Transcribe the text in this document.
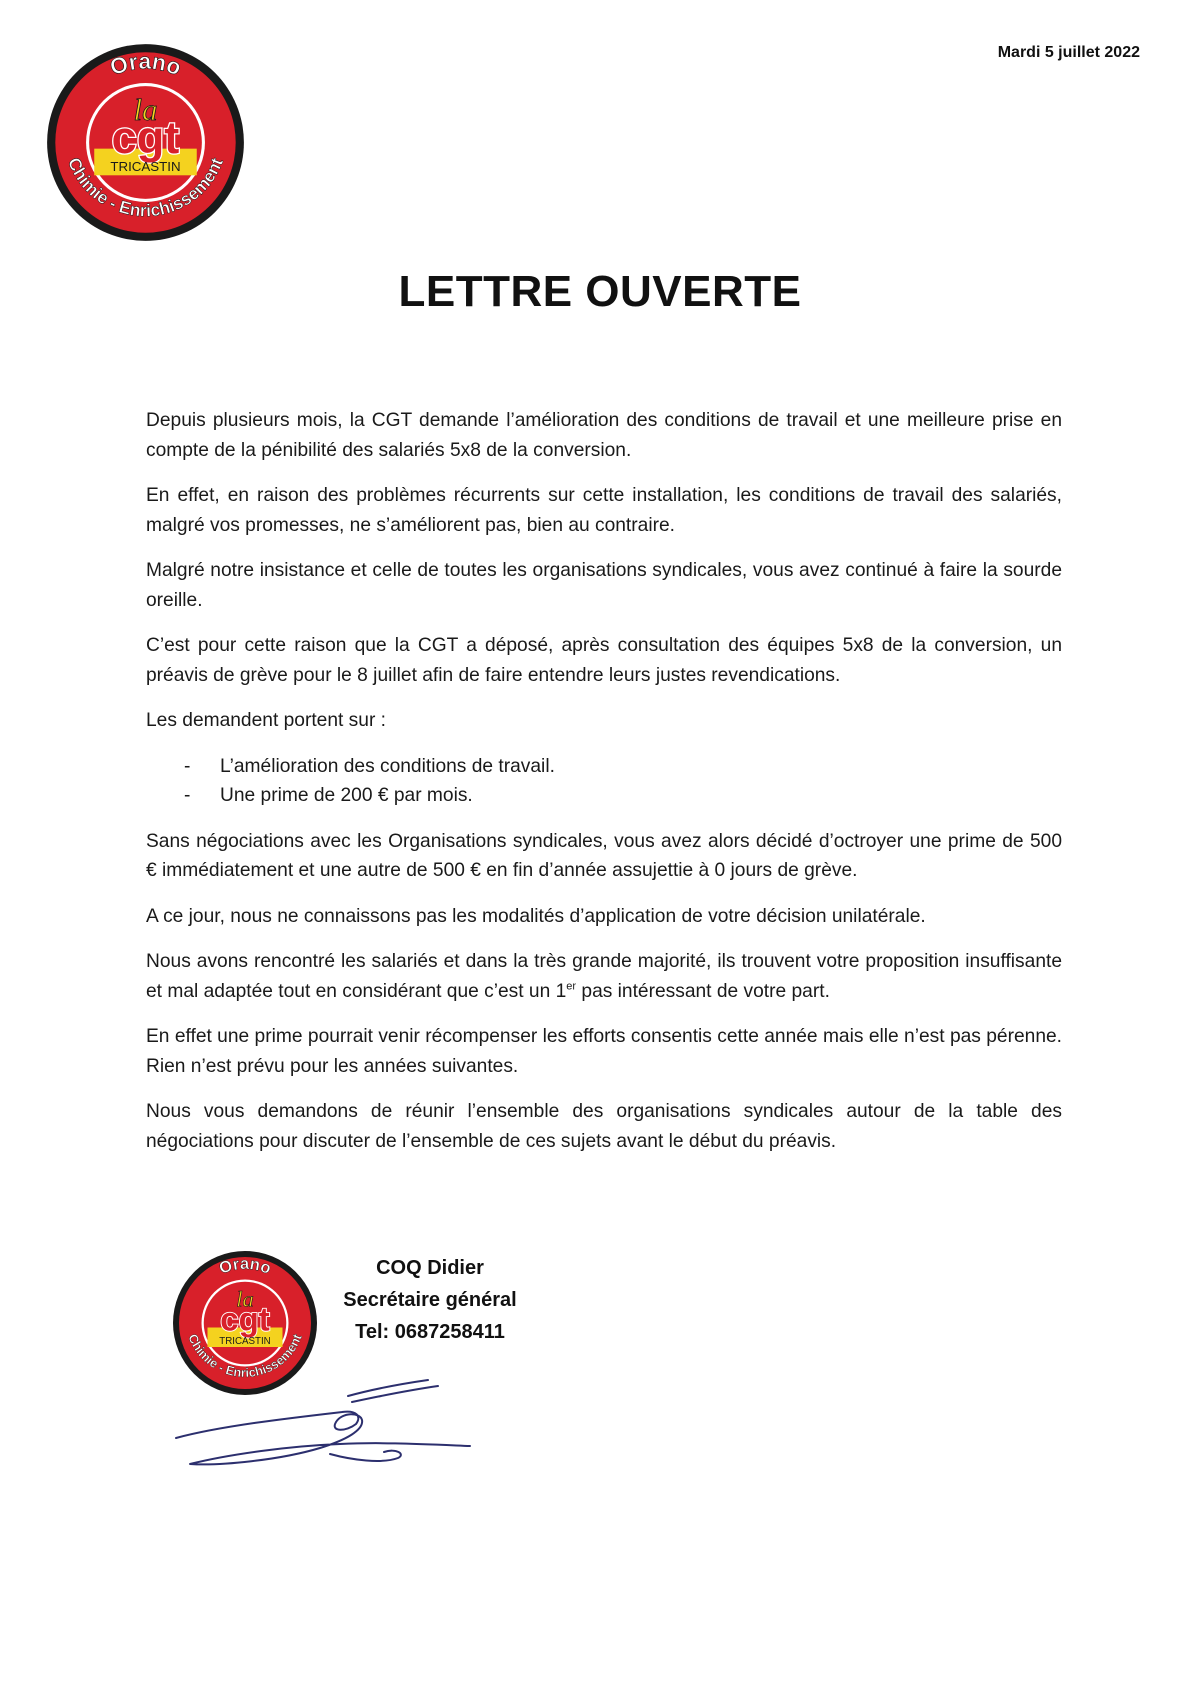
Mardi 5 juillet 2022
LETTRE OUVERTE

Depuis plusieurs mois, la CGT demande l’amélioration des conditions de travail et une meilleure prise en compte de la pénibilité des salariés 5x8 de la conversion.

En effet, en raison des problèmes récurrents sur cette installation, les conditions de travail des salariés, malgré vos promesses, ne s’améliorent pas, bien au contraire.

Malgré notre insistance et celle de toutes les organisations syndicales, vous avez continué à faire la sourde oreille.

C’est pour cette raison que la CGT a déposé, après consultation des équipes 5x8 de la conversion, un préavis de grève pour le 8 juillet afin de faire entendre leurs justes revendications.

Les demandent portent sur :

- L’amélioration des conditions de travail.
- Une prime de 200 € par mois.

Sans négociations avec les Organisations syndicales, vous avez alors décidé d’octroyer une prime de 500 € immédiatement et une autre de 500 € en fin d’année assujettie à 0 jours de grève.

A ce jour, nous ne connaissons pas les modalités d’application de votre décision unilatérale.

Nous avons rencontré les salariés et dans la très grande majorité, ils trouvent votre proposition insuffisante et mal adaptée tout en considérant que c’est un 1er pas intéressant de votre part.

En effet une prime pourrait venir récompenser les efforts consentis cette année mais elle n’est pas pérenne. Rien n’est prévu pour les années suivantes.

Nous vous demandons de réunir l’ensemble des organisations syndicales autour de la table des négociations pour discuter de l’ensemble de ces sujets avant le début du préavis.

COQ Didier
Secrétaire général
Tel: 0687258411
